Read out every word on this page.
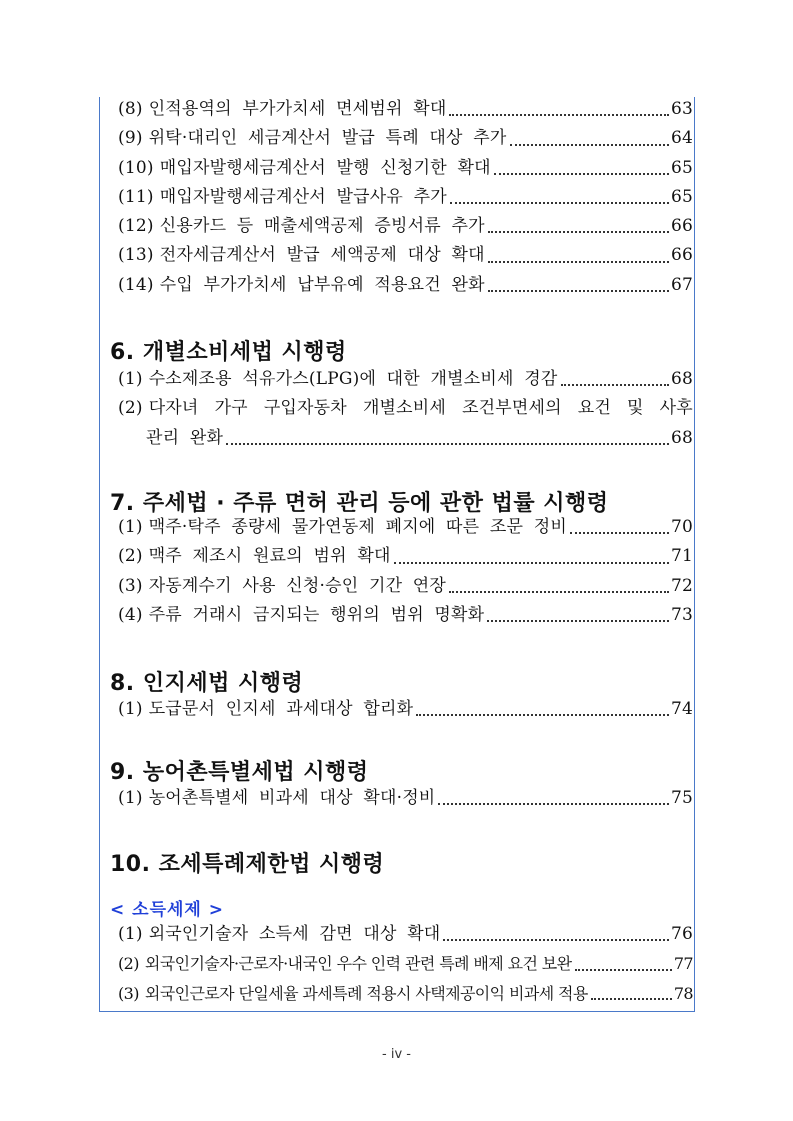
(8) 인적용역의 부가가치세 면세범위 확대	63
(9) 위탁·대리인 세금계산서 발급 특례 대상 추가	64
(10) 매입자발행세금계산서 발행 신청기한 확대	65
(11) 매입자발행세금계산서 발급사유 추가	65
(12) 신용카드 등 매출세액공제 증빙서류 추가	66
(13) 전자세금계산서 발급 세액공제 대상 확대	66
(14) 수입 부가가치세 납부유예 적용요건 완화	67
6. 개별소비세법 시행령
(1) 수소제조용 석유가스(LPG)에 대한 개별소비세 경감	68
(2) 다자녀 가구 구입자동차 개별소비세 조건부면세의 요건 및 사후
관리 완화	68
7. 주세법 · 주류 면허 관리 등에 관한 법률 시행령
(1) 맥주·탁주 종량세 물가연동제 폐지에 따른 조문 정비	70
(2) 맥주 제조시 원료의 범위 확대	71
(3) 자동계수기 사용 신청·승인 기간 연장	72
(4) 주류 거래시 금지되는 행위의 범위 명확화	73
8. 인지세법 시행령
(1) 도급문서 인지세 과세대상 합리화	74
9. 농어촌특별세법 시행령
(1) 농어촌특별세 비과세 대상 확대·정비	75
10. 조세특례제한법 시행령
< 소득세제 >
(1) 외국인기술자 소득세 감면 대상 확대	76
(2) 외국인기술자·근로자·내국인 우수 인력 관련 특례 배제 요건 보완	77
(3) 외국인근로자 단일세율 과세특례 적용시 사택제공이익 비과세 적용	78
- iv -
